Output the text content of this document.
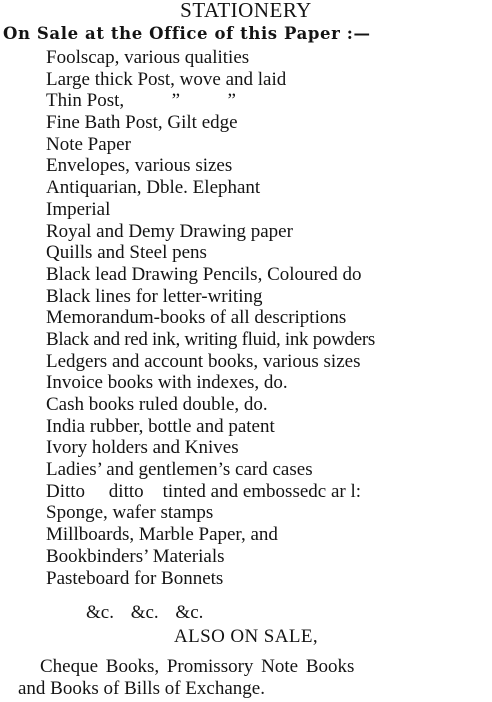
STATIONERY
On Sale at the Office of this Paper :—
Foolscap, various qualities
Large thick Post, wove and laid
Thin Post,          ”          ”
Fine Bath Post, Gilt edge
Note Paper
Envelopes, various sizes
Antiquarian, Dble. Elephant
Imperial
Royal and Demy Drawing paper
Quills and Steel pens
Black lead Drawing Pencils, Coloured do
Black lines for letter-writing
Memorandum-books of all descriptions
Black and red ink, writing fluid, ink powders
Ledgers and account books, various sizes
Invoice books with indexes, do.
Cash books ruled double, do.
India rubber, bottle and patent
Ivory holders and Knives
Ladies’ and gentlemen’s card cases
Ditto     ditto    tinted and embossedc ar l:
Sponge, wafer stamps
Millboards, Marble Paper, and
Bookbinders’ Materials
Pasteboard for Bonnets
&c. &c. &c.
ALSO ON SALE,
Cheque Books, Promissory Note Books
and Books of Bills of Exchange.
